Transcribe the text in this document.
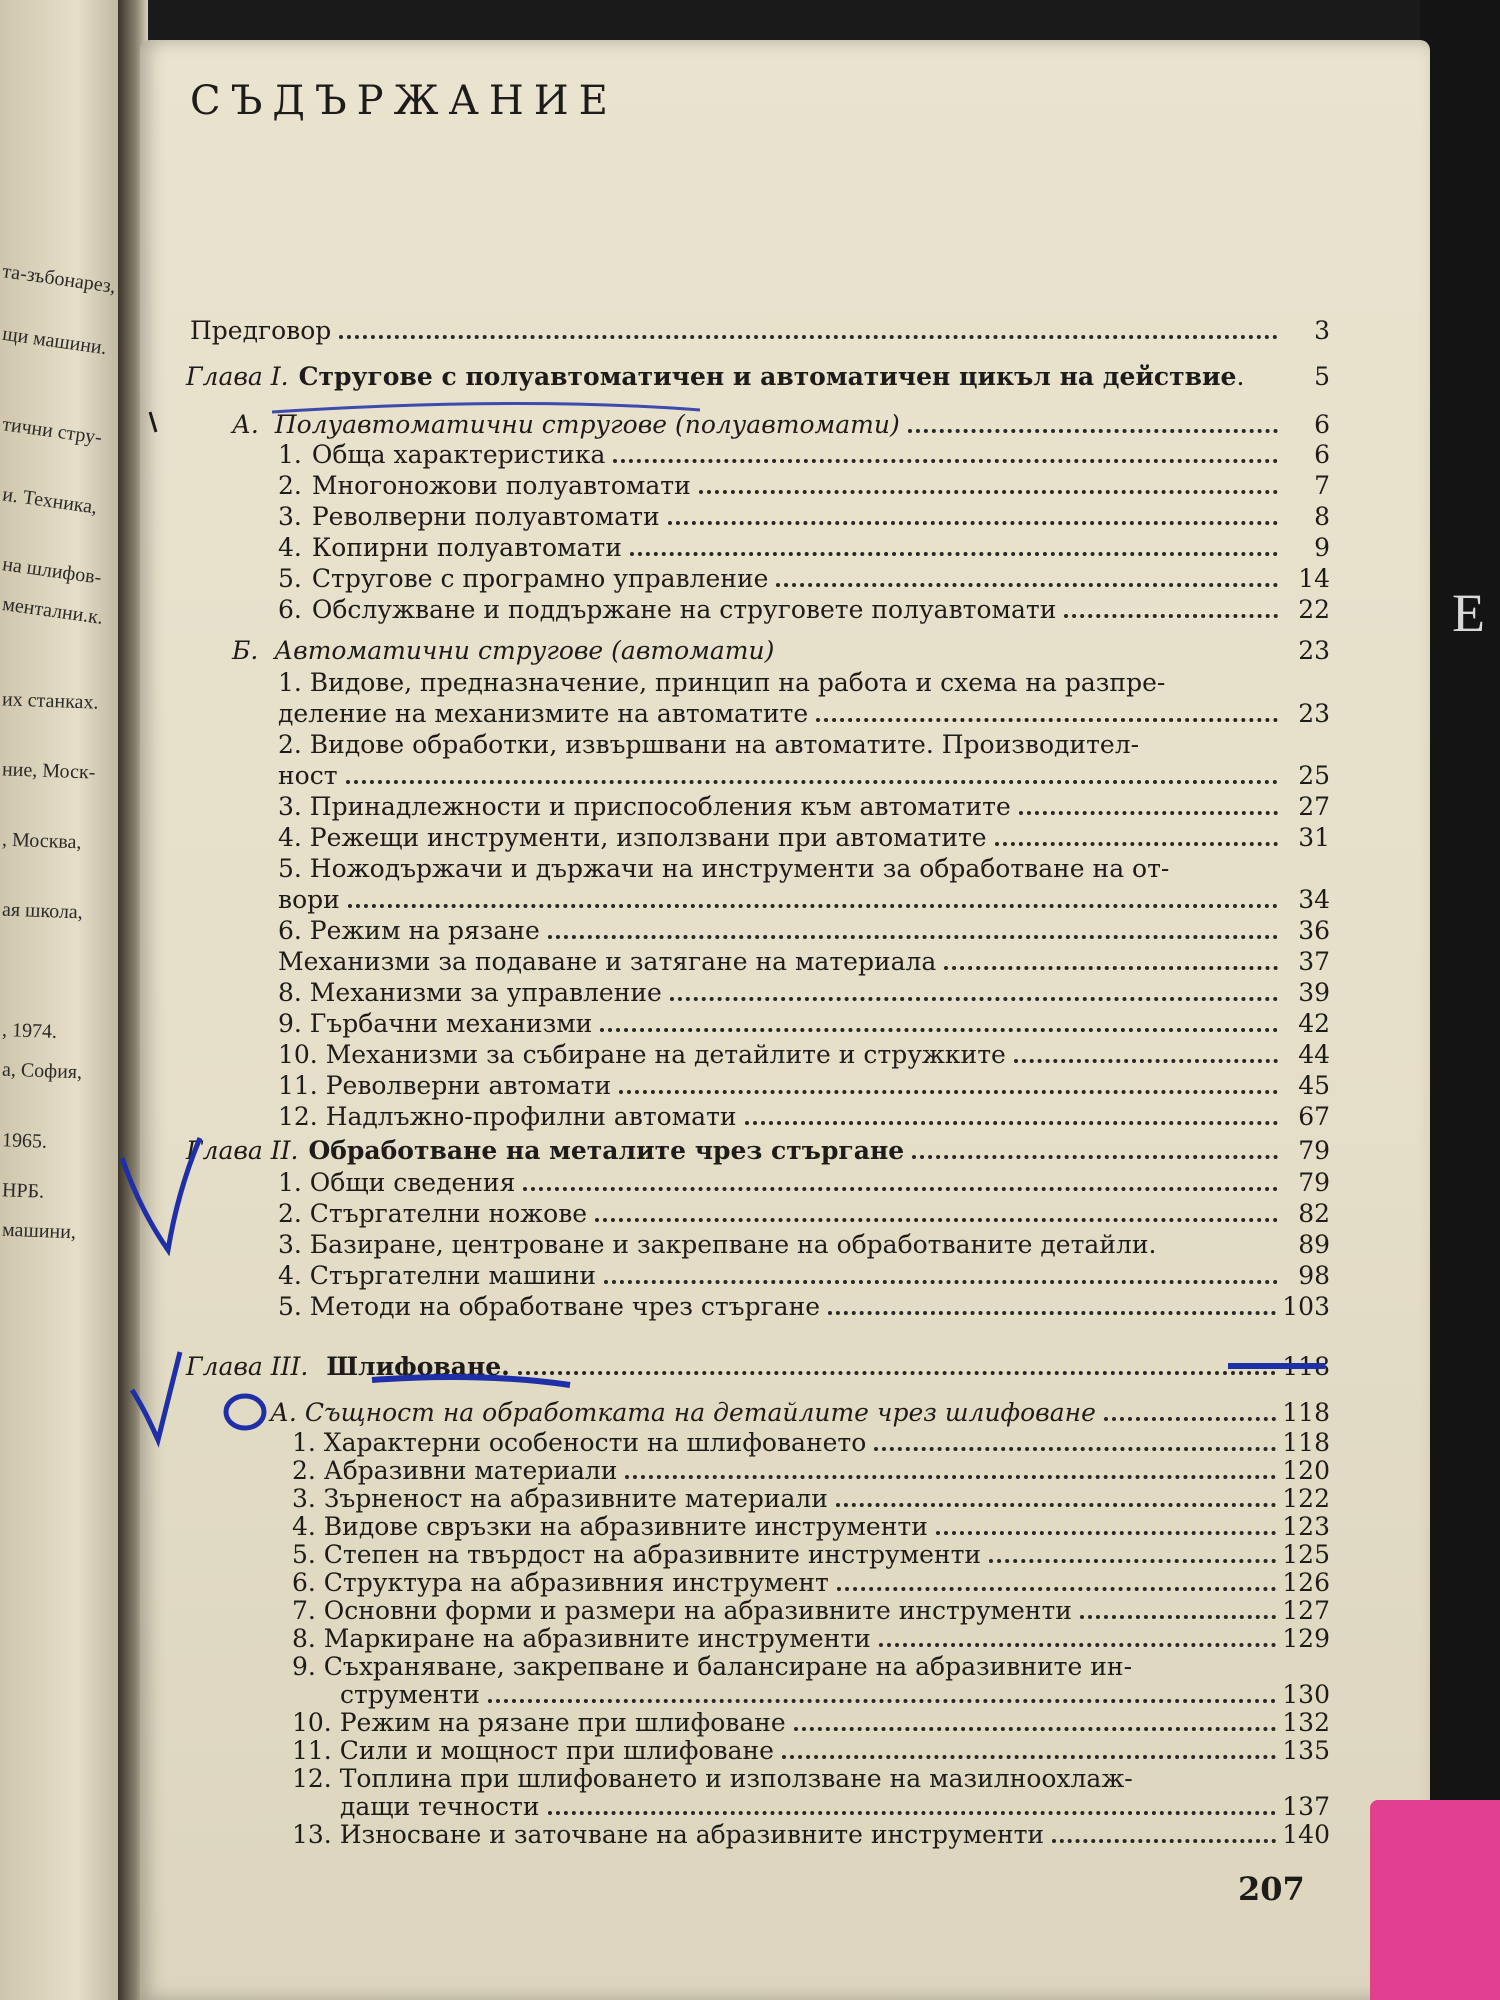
та-зъбонарез,
щи машини.
тични стру-
и. Техника,
на шлифов-
ментални.к.
их станках.
ние, Моск-
, Москва,
ая школа,
, 1974.
а, София,
1965.
НРБ.
машини,
E
СЪДЪРЖАНИЕ
Предговор	3
Глава I. Стругове с полуавтоматичен и автоматичен цикъл на действие.	5
А. Полуавтоматични стругове (полуавтомати)	6
1. Обща характеристика	6
2. Многоножови полуавтомати	7
3. Револверни полуавтомати	8
4. Копирни полуавтомати	9
5. Стругове с програмно управление	14
6. Обслужване и поддържане на струговете полуавтомати	22
Б. Автоматични стругове (автомати)	23
1. Видове, предназначение, принцип на работа и схема на разпре-
деление на механизмите на автоматите	23
2. Видове обработки, извършвани на автоматите. Производител-
ност	25
3. Принадлежности и приспособления към автоматите	27
4. Режещи инструменти, използвани при автоматите	31
5. Ножодържачи и държачи на инструменти за обработване на от-
вори	34
6. Режим на рязане	36
Механизми за подаване и затягане на материала	37
8. Механизми за управление	39
9. Гърбачни механизми	42
10. Механизми за събиране на детайлите и стружките	44
11. Револверни автомати	45
12. Надлъжно-профилни автомати	67
Глава II. Обработване на металите чрез стъргане	79
1. Общи сведения	79
2. Стъргателни ножове	82
3. Базиране, центроване и закрепване на обработваните детайли.	89
4. Стъргателни машини	98
5. Методи на обработване чрез стъргане	103
Глава III. Шлифоване.	118
А. Същност на обработката на детайлите чрез шлифоване	118
1. Характерни особености на шлифоването	118
2. Абразивни материали	120
3. Зърненост на абразивните материали	122
4. Видове свръзки на абразивните инструменти	123
5. Степен на твърдост на абразивните инструменти	125
6. Структура на абразивния инструмент	126
7. Основни форми и размери на абразивните инструменти	127
8. Маркиране на абразивните инструменти	129
9. Съхраняване, закрепване и балансиране на абразивните ин-
струменти	130
10. Режим на рязане при шлифоване	132
11. Сили и мощност при шлифоване	135
12. Топлина при шлифоването и използване на мазилноохлаж-
дащи течности	137
13. Износване и заточване на абразивните инструменти	140
207
